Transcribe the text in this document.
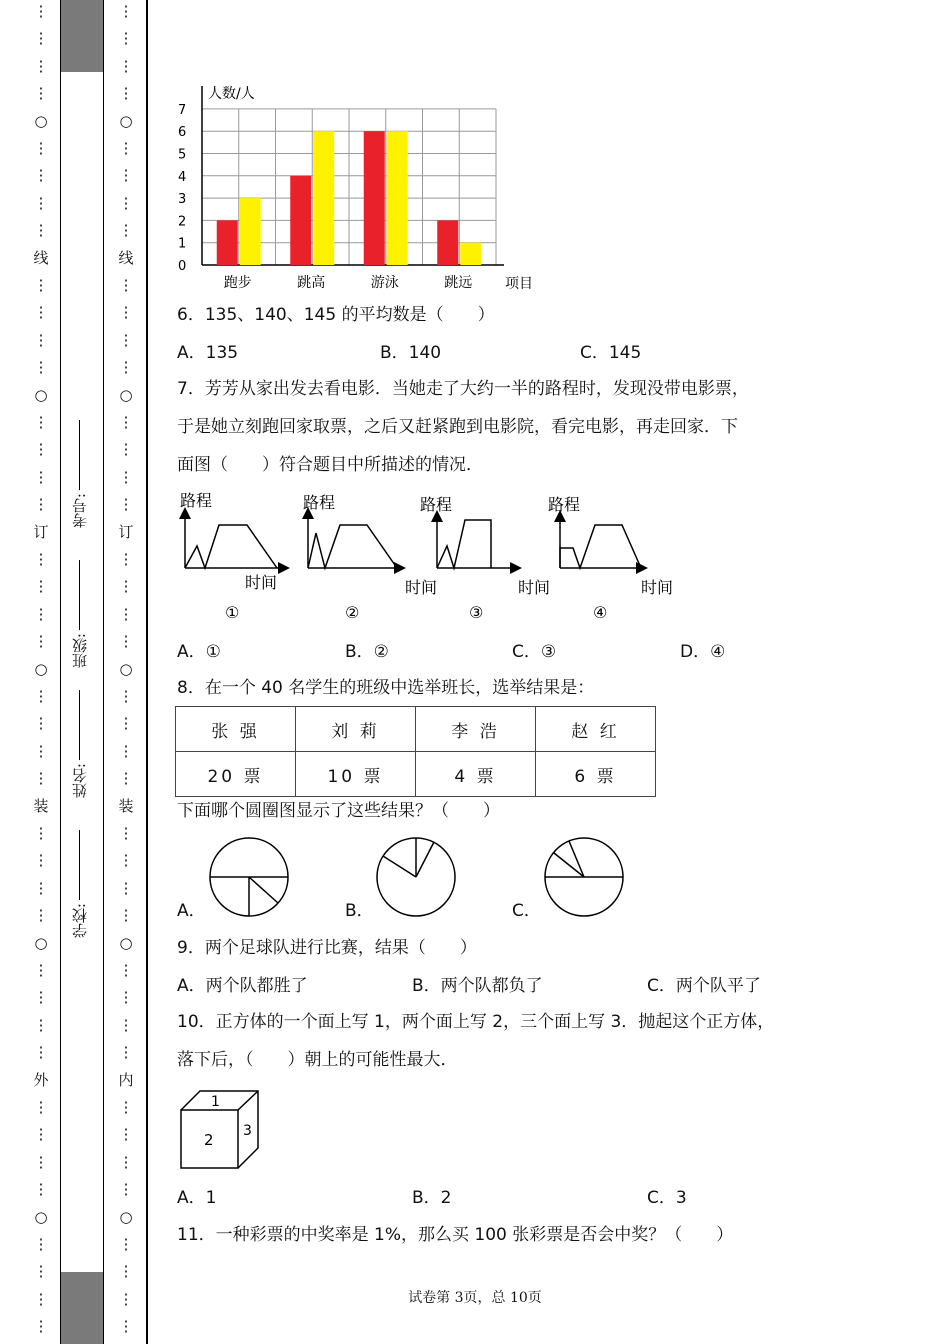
⋮
⋮
⋮
⋮
○
⋮
⋮
⋮
⋮
线
⋮
⋮
⋮
⋮
○
⋮
⋮
⋮
⋮
订
⋮
⋮
⋮
⋮
○
⋮
⋮
⋮
⋮
装
⋮
⋮
⋮
⋮
○
⋮
⋮
⋮
⋮
外
⋮
⋮
⋮
⋮
○
⋮
⋮
⋮
⋮
学校:
姓名:
班级:
考号:
⋮
⋮
⋮
⋮
○
⋮
⋮
⋮
⋮
线
⋮
⋮
⋮
⋮
○
⋮
⋮
⋮
⋮
订
⋮
⋮
⋮
⋮
○
⋮
⋮
⋮
⋮
装
⋮
⋮
⋮
⋮
○
⋮
⋮
⋮
⋮
内
⋮
⋮
⋮
⋮
○
⋮
⋮
⋮
⋮
0
1
2
3
4
5
6
7
跑步	跳高	游泳	跳远
人数/人
项目
6．135、140、145 的平均数是（　　）
A．135	B．140	C．145
7．芳芳从家出发去看电影．当她走了大约一半的路程时，发现没带电影票，
于是她立刻跑回家取票，之后又赶紧跑到电影院，看完电影，再走回家．下
面图（　　）符合题目中所描述的情况．
路程
时间
①
路程
时间
②
路程
时间
③
路程
时间
④
A．①	B．②	C．③	D．④
8．在一个 40 名学生的班级中选举班长，选举结果是：
张 强	刘 莉	李 浩	赵 红
20 票	10 票	4 票	6 票
下面哪个圆圈图显示了这些结果？（　　）
A．	B．	C．
9．两个足球队进行比赛，结果（　　）
A．两个队都胜了	B．两个队都负了	C．两个队平了
10．正方体的一个面上写 1，两个面上写 2，三个面上写 3．抛起这个正方体，
落下后，（　　）朝上的可能性最大．
1
2 3
A．1	B．2	C．3
11．一种彩票的中奖率是 1%，那么买 100 张彩票是否会中奖？（　　）
试卷第 3页，总 10页
